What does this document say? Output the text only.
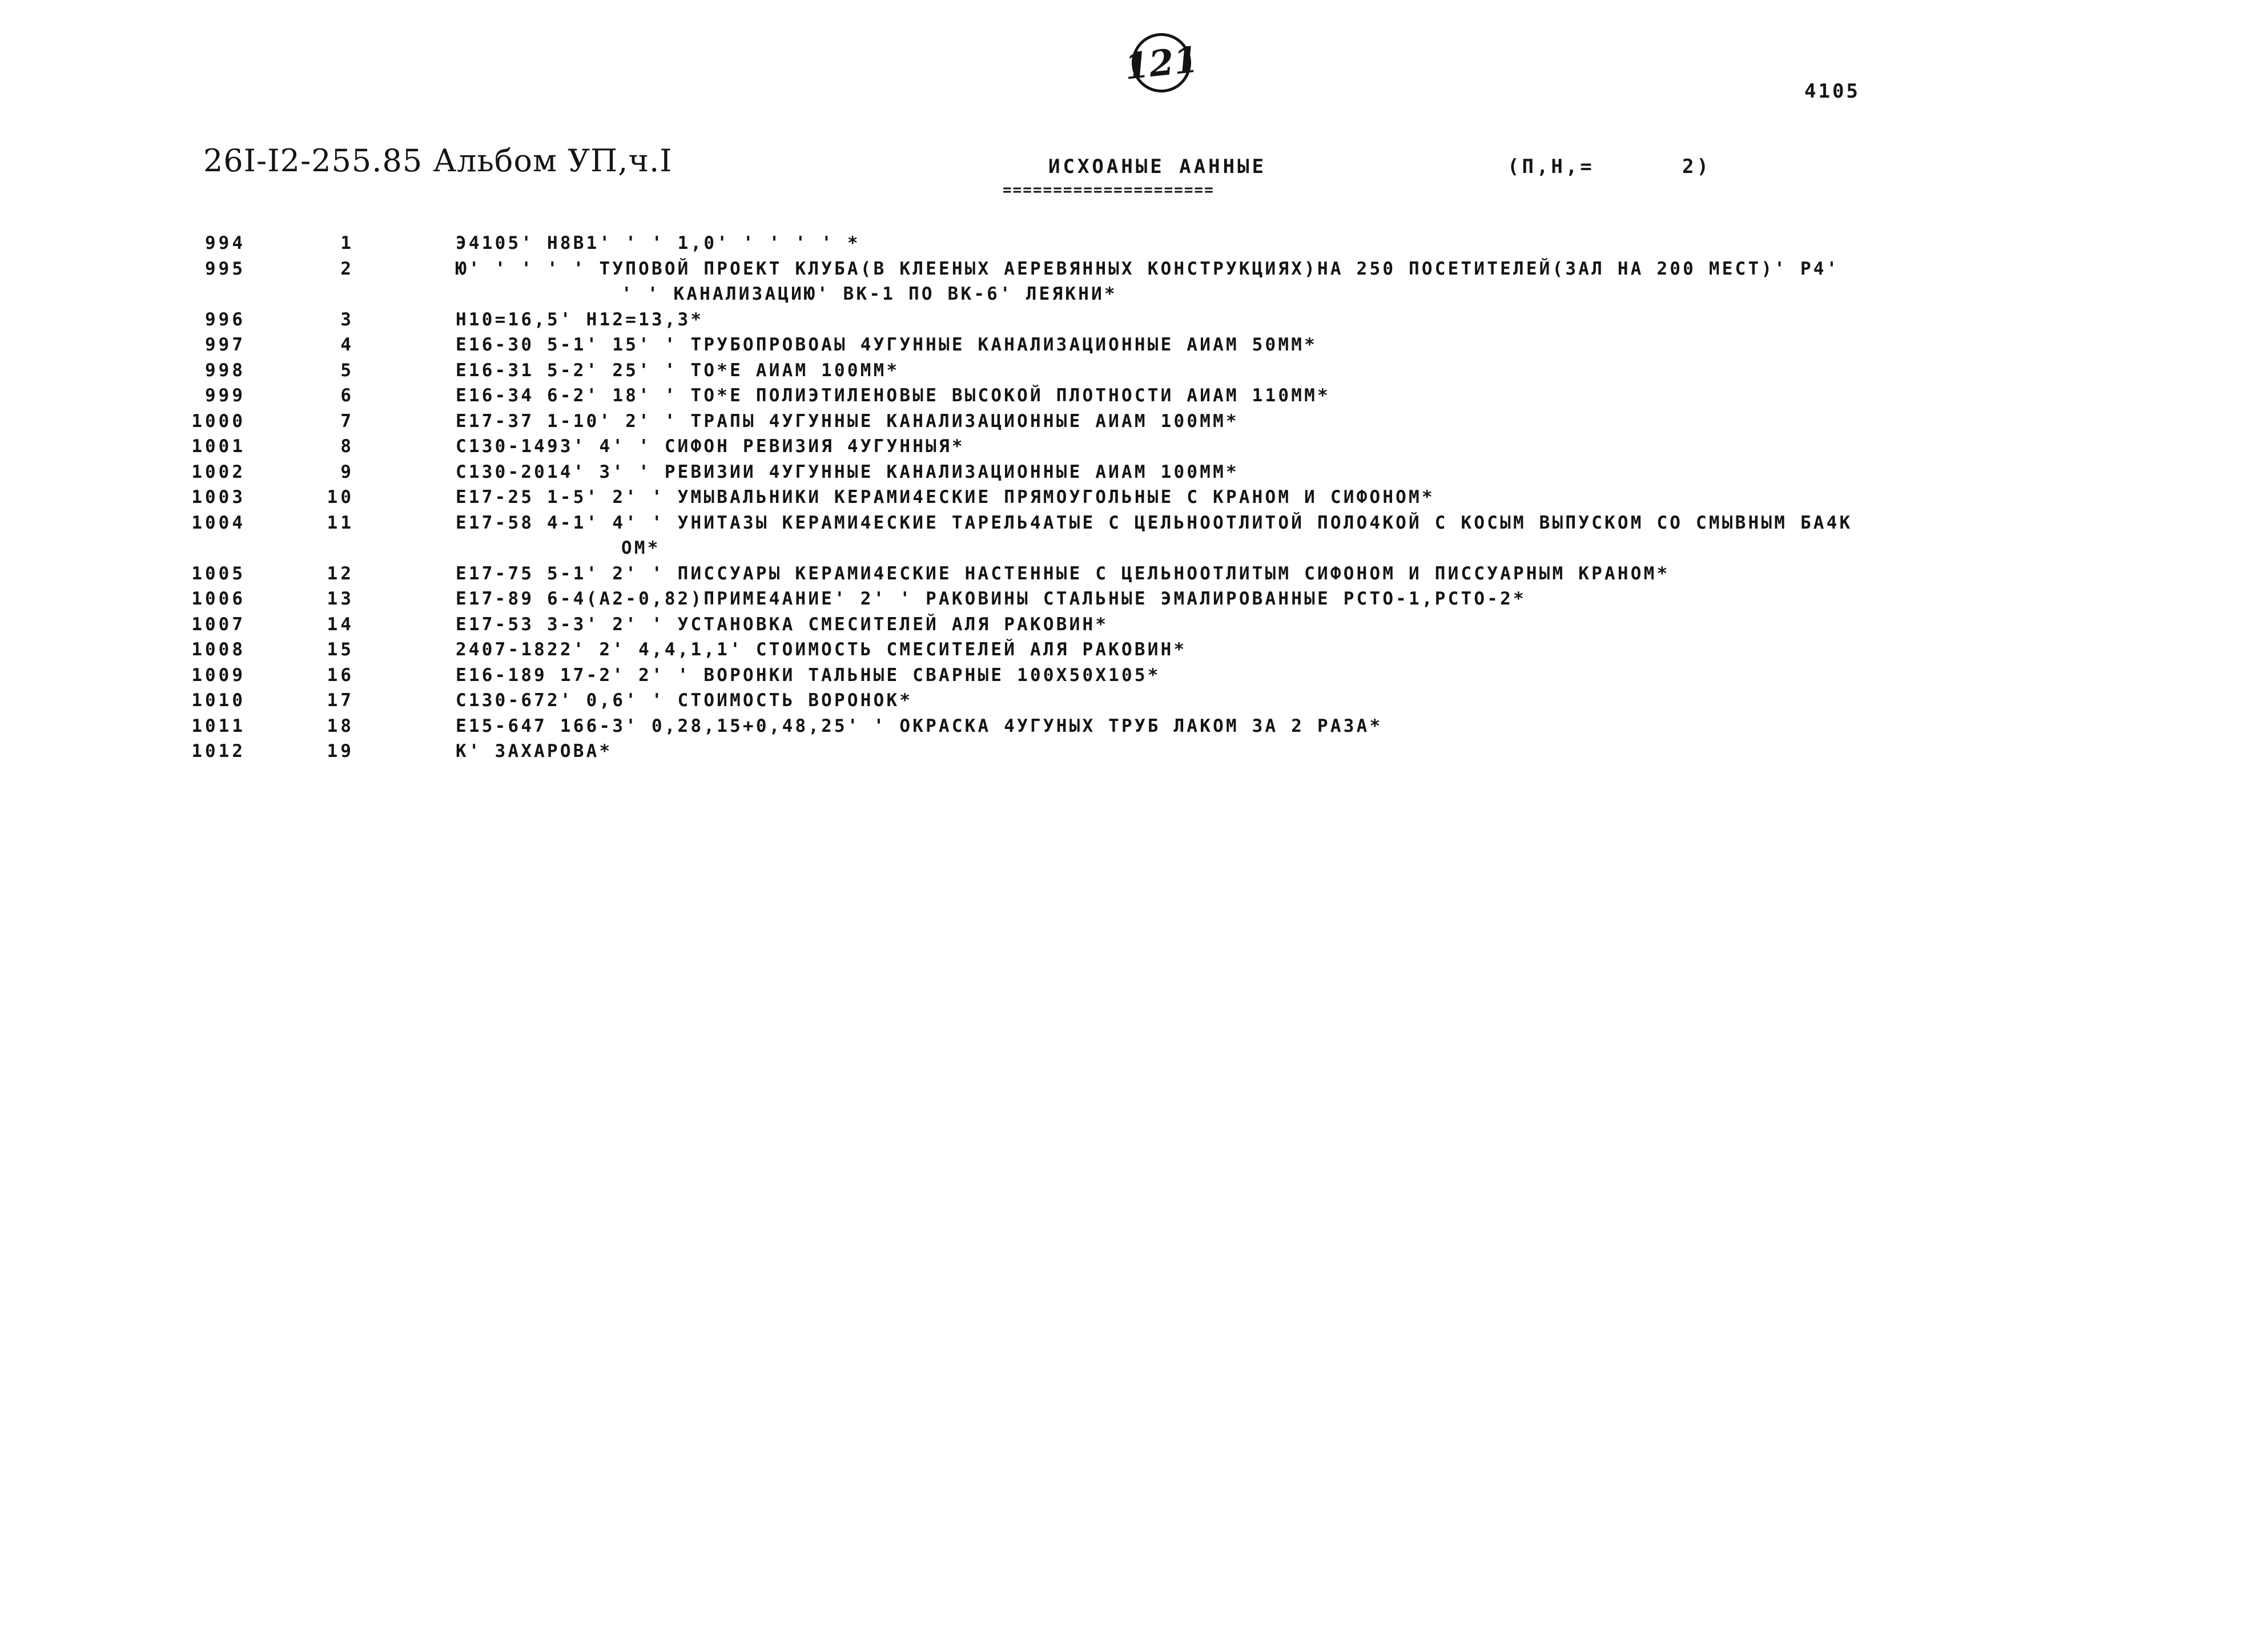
121
4105
26I-I2-255.85 Альбом УП,ч.I	ИСХОАНЫЕ ААННЫЕ
=====================
(П,Н,=	2)
994	1	Э4105' Н8В1' ' ' 1,0' ' ' ' ' *
995	2	Ю' ' ' ' ' ТУПОВОЙ ПРОЕКТ КЛУБА(В КЛЕЕНЫХ АЕРЕВЯННЫХ КОНСТРУКЦИЯХ)НА 250 ПОСЕТИТЕЛЕЙ(ЗАЛ НА 200 МЕСТ)' Р4'
' ' КАНАЛИЗАЦИЮ' ВК-1 ПО ВК-6' ЛЕЯКНИ*
996	3	Н10=16,5' Н12=13,3*
997	4	Е16-30 5-1' 15' ' ТРУБОПРОВОАЫ 4УГУННЫЕ КАНАЛИЗАЦИОННЫЕ АИАМ 50ММ*
998	5	Е16-31 5-2' 25' ' ТО*Е АИАМ 100ММ*
999	6	Е16-34 6-2' 18' ' ТО*Е ПОЛИЭТИЛЕНОВЫЕ ВЫСОКОЙ ПЛОТНОСТИ АИАМ 110ММ*
1000	7	Е17-37 1-10' 2' ' ТРАПЫ 4УГУННЫЕ КАНАЛИЗАЦИОННЫЕ АИАМ 100ММ*
1001	8	С130-1493' 4' ' СИФОН РЕВИЗИЯ 4УГУННЫЯ*
1002	9	С130-2014' 3' ' РЕВИЗИИ 4УГУННЫЕ КАНАЛИЗАЦИОННЫЕ АИАМ 100ММ*
1003	10	Е17-25 1-5' 2' ' УМЫВАЛЬНИКИ КЕРАМИ4ЕСКИЕ ПРЯМОУГОЛЬНЫЕ С КРАНОМ И СИФОНОМ*
1004	11	Е17-58 4-1' 4' ' УНИТАЗЫ КЕРАМИ4ЕСКИЕ ТАРЕЛЬ4АТЫЕ С ЦЕЛЬНООТЛИТОЙ ПОЛО4КОЙ С КОСЫМ ВЫПУСКОМ СО СМЫВНЫМ БА4К
ОМ*
1005	12	Е17-75 5-1' 2' ' ПИССУАРЫ КЕРАМИ4ЕСКИЕ НАСТЕННЫЕ С ЦЕЛЬНООТЛИТЫМ СИФОНОМ И ПИССУАРНЫМ КРАНОМ*
1006	13	Е17-89 6-4(А2-0,82)ПРИМЕ4АНИЕ' 2' ' РАКОВИНЫ СТАЛЬНЫЕ ЭМАЛИРОВАННЫЕ РСТО-1,РСТО-2*
1007	14	Е17-53 3-3' 2' ' УСТАНОВКА СМЕСИТЕЛЕЙ АЛЯ РАКОВИН*
1008	15	2407-1822' 2' 4,4,1,1' СТОИМОСТЬ СМЕСИТЕЛЕЙ АЛЯ РАКОВИН*
1009	16	Е16-189 17-2' 2' ' ВОРОНКИ ТАЛЬНЫЕ СВАРНЫЕ 100Х50Х105*
1010	17	С130-672' 0,6' ' СТОИМОСТЬ ВОРОНОК*
1011	18	Е15-647 166-3' 0,28,15+0,48,25' ' ОКРАСКА 4УГУНЫХ ТРУБ ЛАКОМ ЗА 2 РАЗА*
1012	19	К' ЗАХАРОВА*
